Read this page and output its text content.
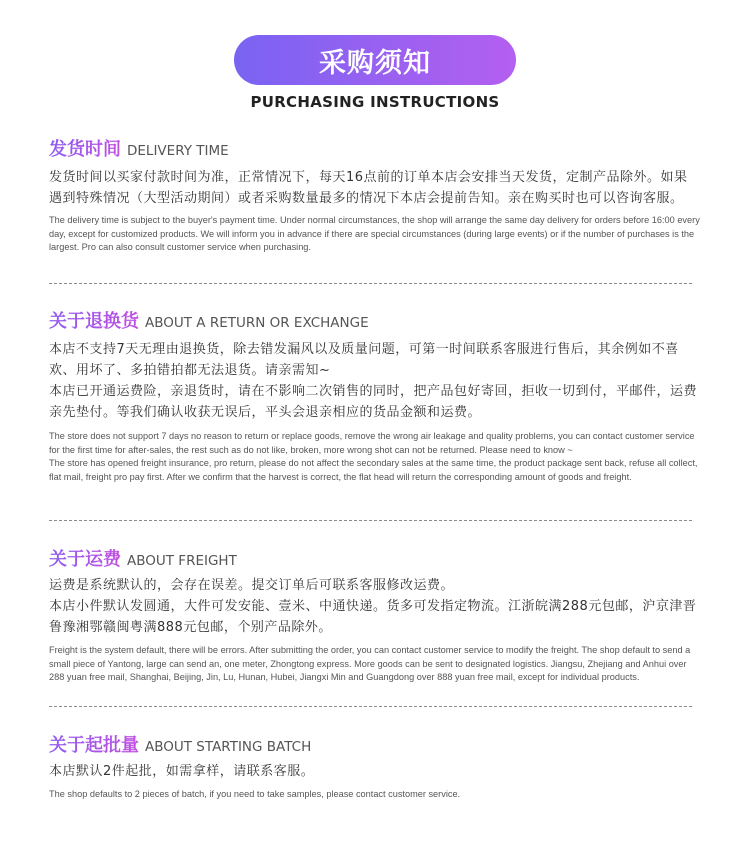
采购须知
PURCHASING INSTRUCTIONS
发货时间 DELIVERY TIME

发货时间以买家付款时间为准，正常情况下，每天16点前的订单本店会安排当天发货，定制产品除外。如果遇到特殊情况（大型活动期间）或者采购数量最多的情况下本店会提前告知。亲在购买时也可以咨询客服。

The delivery time is subject to the buyer's payment time. Under normal circumstances, the shop will arrange the same day delivery for orders before 16:00 every day, except for customized products. We will inform you in advance if there are special circumstances (during large events) or if the number of purchases is the largest. Pro can also consult customer service when purchasing.

关于退换货 ABOUT A RETURN OR EXCHANGE

本店不支持7天无理由退换货，除去错发漏风以及质量问题，可第一时间联系客服进行售后，其余例如不喜欢、用坏了、多拍错拍都无法退货。请亲需知~

本店已开通运费险，亲退货时，请在不影响二次销售的同时，把产品包好寄回，拒收一切到付，平邮件，运费亲先垫付。等我们确认收获无误后，平头会退亲相应的货品金额和运费。

The store does not support 7 days no reason to return or replace goods, remove the wrong air leakage and quality problems, you can contact customer service for the first time for after-sales, the rest such as do not like, broken, more wrong shot can not be returned. Please need to know ~

The store has opened freight insurance, pro return, please do not affect the secondary sales at the same time, the product package sent back, refuse all collect, flat mail, freight pro pay first. After we confirm that the harvest is correct, the flat head will return the corresponding amount of goods and freight.

关于运费 ABOUT FREIGHT

运费是系统默认的，会存在误差。提交订单后可联系客服修改运费。

本店小件默认发圆通，大件可发安能、壹米、中通快递。货多可发指定物流。江浙皖满288元包邮，沪京津晋鲁豫湘鄂赣闽粤满888元包邮，个别产品除外。

Freight is the system default, there will be errors. After submitting the order, you can contact customer service to modify the freight. The shop default to send a small piece of Yantong, large can send an, one meter, Zhongtong express. More goods can be sent to designated logistics. Jiangsu, Zhejiang and Anhui over 288 yuan free mail, Shanghai, Beijing, Jin, Lu, Hunan, Hubei, Jiangxi Min and Guangdong over 888 yuan free mail, except for individual products.

关于起批量 ABOUT STARTING BATCH

本店默认2件起批，如需拿样，请联系客服。

The shop defaults to 2 pieces of batch, if you need to take samples, please contact customer service.
